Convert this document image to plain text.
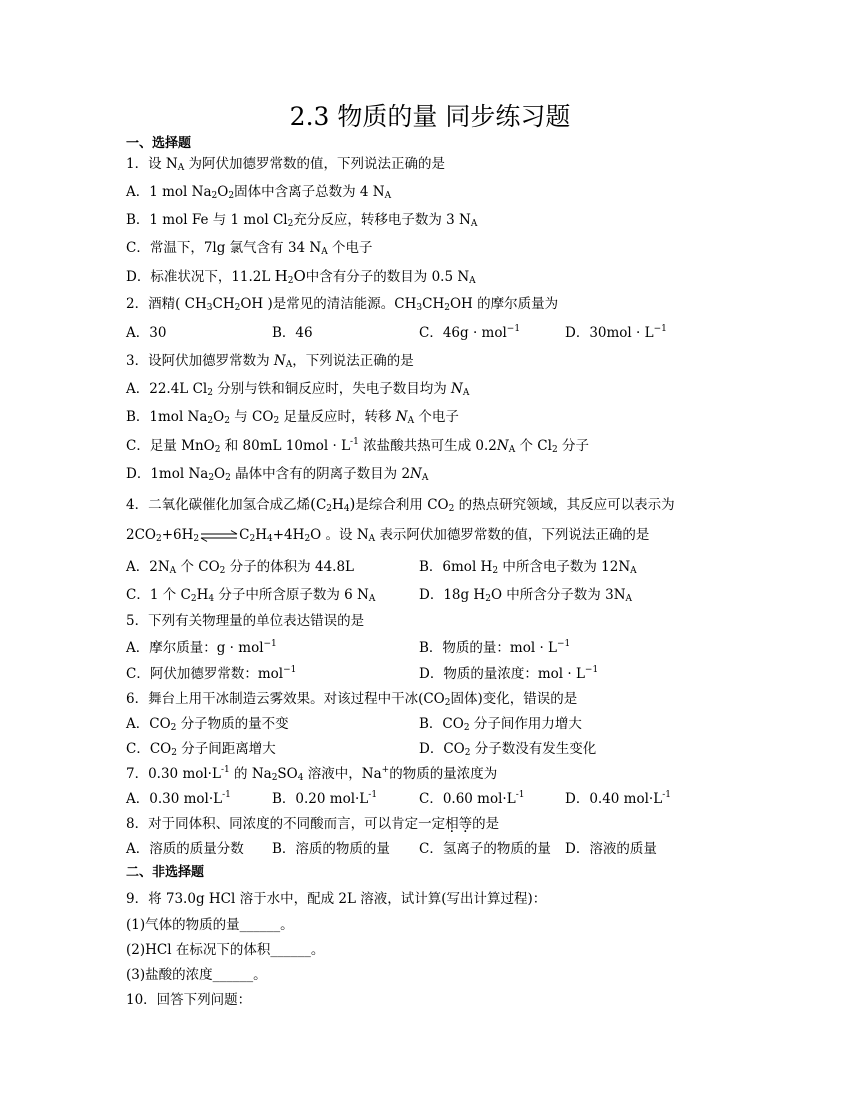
2.3 物质的量 同步练习题
一、选择题
1．设 $N_A$ 为阿伏加德罗常数的值，下列说法正确的是
A．1 mol $Na_2O_2$固体中含离子总数为 4 $N_A$
B．1 mol Fe 与 1 mol $Cl_2$充分反应，转移电子数为 3 $N_A$
C．常温下，7lg 氯气含有 34 $N_A$ 个电子
D．标准状况下，11.2L $H_2O$中含有分子的数目为 0.5 $N_A$
2．酒精( $CH_3CH_2OH$ )是常见的清洁能源。$CH_3CH_2OH$ 的摩尔质量为
A．30	B．46	C．46g · mol$^{-1}$	D．$30mol \cdot L^{-1}$
3．设阿伏加德罗常数为 $N_A$，下列说法正确的是
A．22.4L $Cl_2$ 分别与铁和铜反应时，失电子数目均为 $N_A$
B．1mol $Na_2O_2$ 与 $CO_2$ 足量反应时，转移 $N_A$ 个电子
C．足量 MnO$_2$ 和 80mL $10mol \cdot L^{-1}$ 浓盐酸共热可生成 $0.2N_A$ 个 $Cl_2$ 分子
D．1mol $Na_2O_2$ 晶体中含有的阴离子数目为 $2N_A$
4．二氧化碳催化加氢合成乙烯$(C_2H_4)$是综合利用 $CO_2$ 的热点研究领域，其反应可以表示为
$2CO_2+6H_2\rightleftharpoons C_2H_4+4H_2O$ 。设 $N_A$ 表示阿伏加德罗常数的值，下列说法正确的是
A．$2N_A$ 个 $CO_2$ 分子的体积为 44.8L	B．6mol $H_2$ 中所含电子数为 $12N_A$
C．1 个 $C_2H_4$ 分子中所含原子数为 6 $N_A$	D．18g $H_2O$ 中所含分子数为 $3N_A$
5．下列有关物理量的单位表达错误的是
A．摩尔质量：g · mol$^{-1}$	B．物质的量：mol · $L^{-1}$
C．阿伏加德罗常数：mol$^{-1}$	D．物质的量浓度：mol · $L^{-1}$
6．舞台上用干冰制造云雾效果。对该过程中干冰($CO_2$固体)变化，错误的是
A．$CO_2$ 分子物质的量不变	B．$CO_2$ 分子间作用力增大
C．$CO_2$ 分子间距离增大	D．$CO_2$ 分子数没有发生变化
7．0.30 $mol\cdot L^{-1}$ 的 $Na_2SO_4$ 溶液中，Na+的物质的量浓度为
A．0.30 $mol\cdot L^{-1}$	B．0.20 $mol\cdot L^{-1}$	C．0.60 $mol\cdot L^{-1}$	D．0.40 $mol\cdot L^{-1}$
8．对于同体积、同浓度的不同酸而言，可以肯定一定相等的是
A．溶质的质量分数 B．溶质的物质的量 C．氢离子的物质的量 D．溶液的质量
二、非选择题
9．将 73.0g HCl 溶于水中，配成 2L 溶液，试计算(写出计算过程)：
(1)气体的物质的量______。
(2)HCl 在标况下的体积______。
(3)盐酸的浓度______。
10．回答下列问题：
